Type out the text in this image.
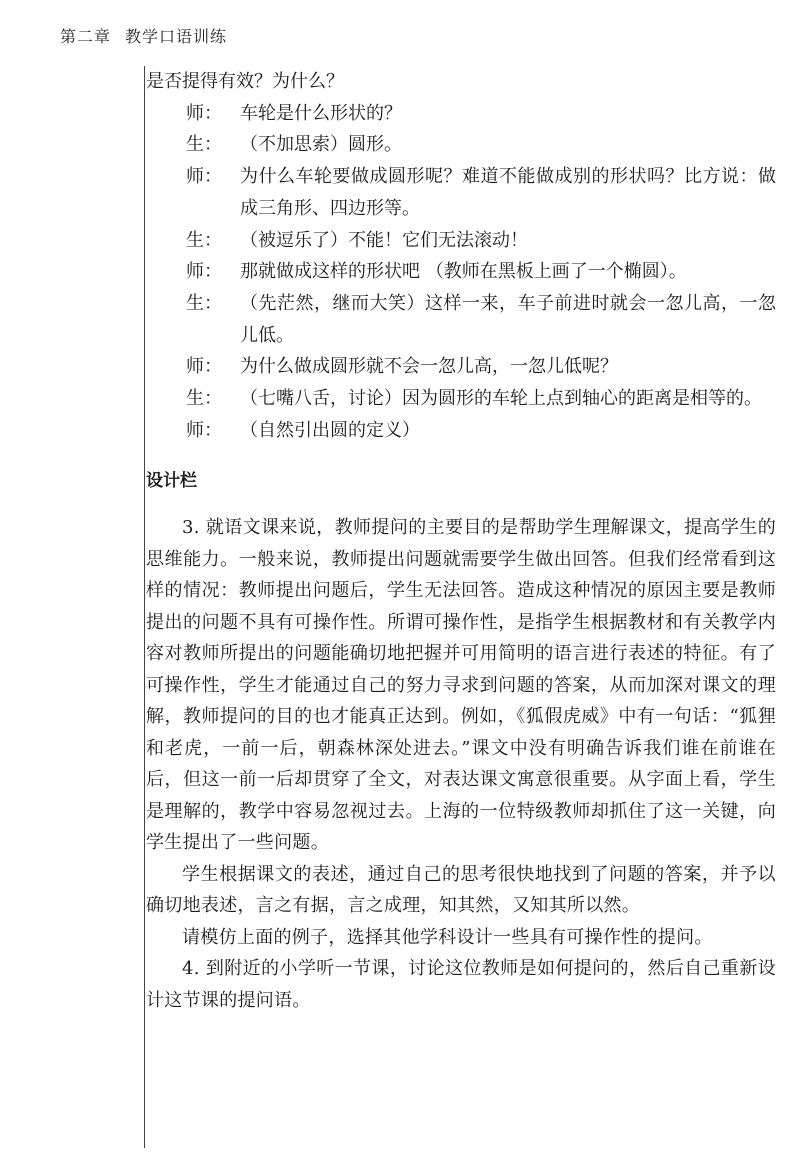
第二章 教学口语训练

是否提得有效？为什么？

师：	车轮是什么形状的？
生：	（不加思索）圆形。
师：	为什么车轮要做成圆形呢？难道不能做成别的形状吗？比方说：做成三角形、四边形等。
生：	（被逗乐了）不能！它们无法滚动！
师：	那就做成这样的形状吧 （教师在黑板上画了一个椭圆）。
生：	（先茫然，继而大笑）这样一来，车子前进时就会一忽儿高，一忽儿低。
师：	为什么做成圆形就不会一忽儿高，一忽儿低呢？
生：	（七嘴八舌，讨论）因为圆形的车轮上点到轴心的距离是相等的。
师：	（自然引出圆的定义）
设计栏

3. 就语文课来说，教师提问的主要目的是帮助学生理解课文，提高学生的思维能力。一般来说，教师提出问题就需要学生做出回答。但我们经常看到这样的情况：教师提出问题后，学生无法回答。造成这种情况的原因主要是教师提出的问题不具有可操作性。所谓可操作性，是指学生根据教材和有关教学内容对教师所提出的问题能确切地把握并可用简明的语言进行表述的特征。有了可操作性，学生才能通过自己的努力寻求到问题的答案，从而加深对课文的理解，教师提问的目的也才能真正达到。例如，《狐假虎威》中有一句话：“狐狸和老虎，一前一后，朝森林深处进去。”课文中没有明确告诉我们谁在前谁在后，但这一前一后却贯穿了全文，对表达课文寓意很重要。从字面上看，学生是理解的，教学中容易忽视过去。上海的一位特级教师却抓住了这一关键，向学生提出了一些问题。

学生根据课文的表述，通过自己的思考很快地找到了问题的答案，并予以确切地表述，言之有据，言之成理，知其然，又知其所以然。

请模仿上面的例子，选择其他学科设计一些具有可操作性的提问。

4. 到附近的小学听一节课，讨论这位教师是如何提问的，然后自己重新设计这节课的提问语。
